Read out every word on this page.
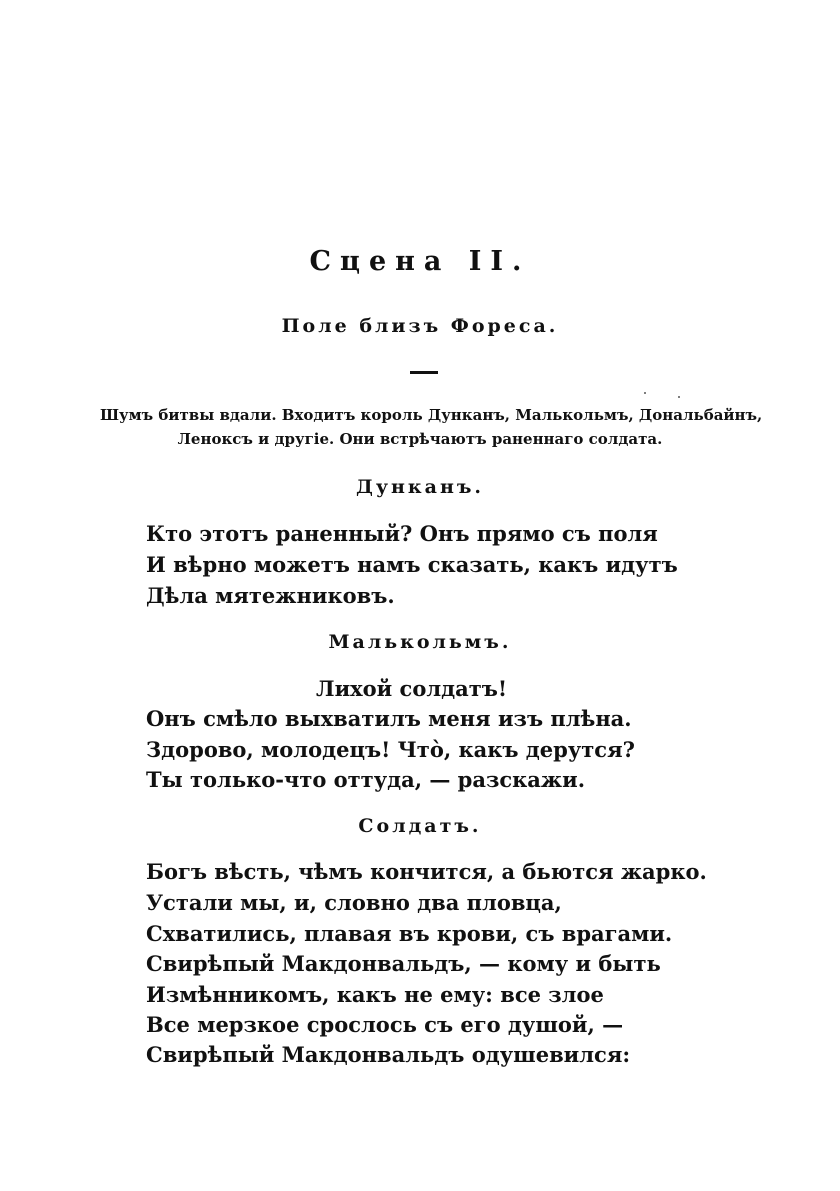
Сцена II.
Поле близъ Фореса.
Шумъ битвы вдали. Входитъ король Дунканъ, Малькольмъ, Дональбайнъ,
Леноксъ и другіе. Они встрѣчаютъ раненнаго солдата.
Дунканъ.
Кто этотъ раненный? Онъ прямо съ поля
И вѣрно можетъ намъ сказать, какъ идутъ
Дѣла мятежниковъ.
Малькольмъ.
Лихой солдатъ!
Онъ смѣло выхватилъ меня изъ плѣна.
Здорово, молодецъ! Что̀, какъ дерутся?
Ты только-что оттуда, — разскажи.
Солдатъ.
Богъ вѣсть, чѣмъ кончится, а бьются жарко.
Устали мы, и, словно два пловца,
Схватились, плавая въ крови, съ врагами.
Свирѣпый Макдонвальдъ, — кому и быть
Измѣнникомъ, какъ не ему: все злое
Все мерзкое срослось съ его душой, —
Свирѣпый Макдонвальдъ одушевился:
